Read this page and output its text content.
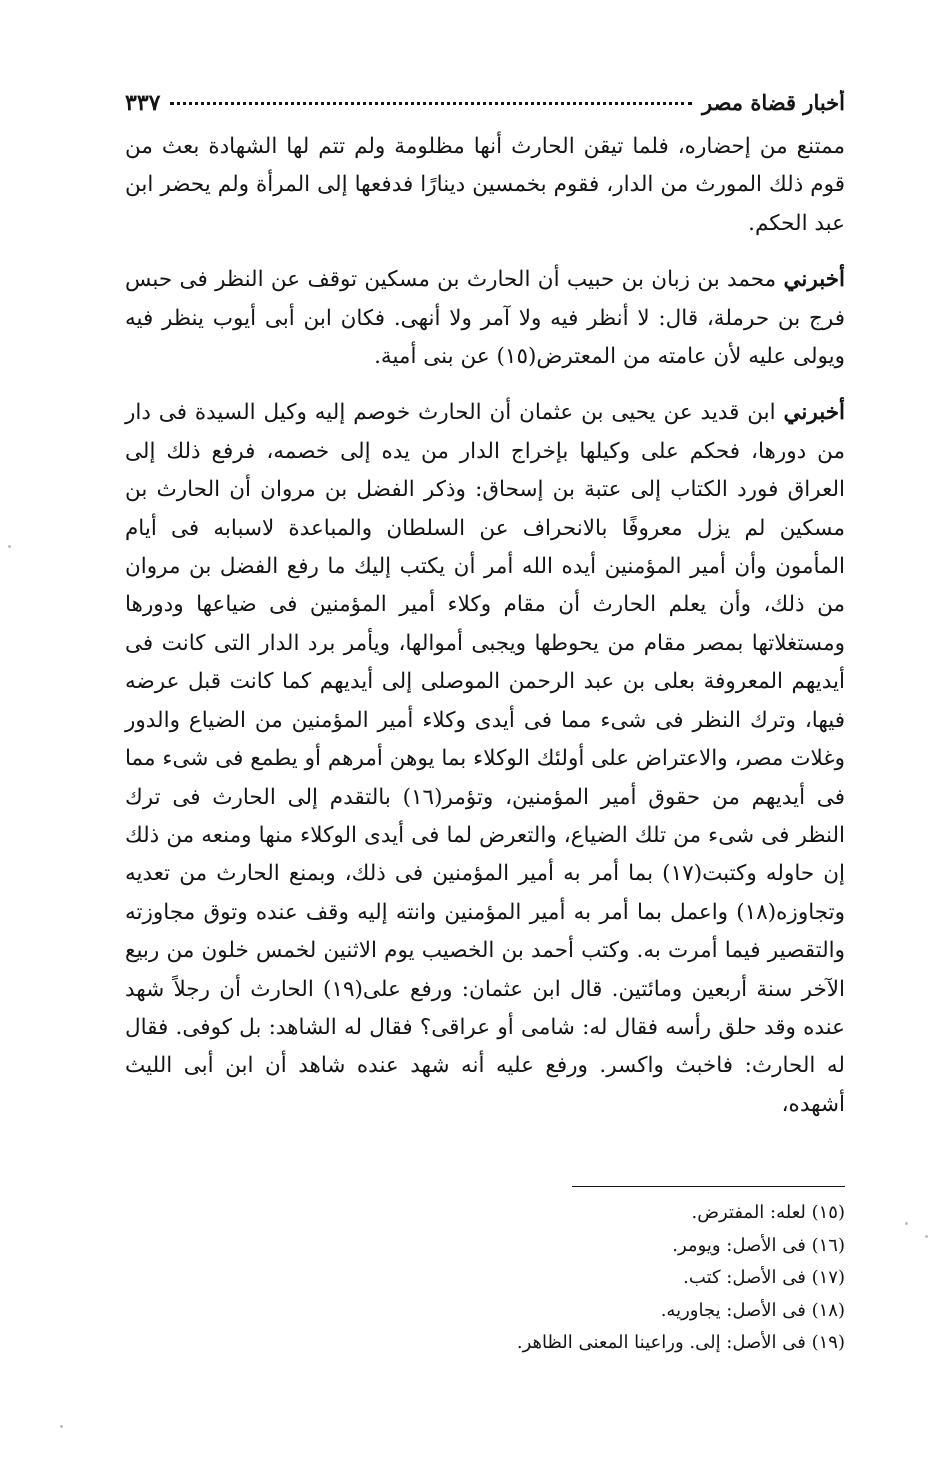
أخبار قضاة مصر
٣٣٧

ممتنع من إحضاره، فلما تيقن الحارث أنها مظلومة ولم تتم لها الشهادة بعث من قوم ذلك المورث من الدار، فقوم بخمسين دينارًا فدفعها إلى المرأة ولم يحضر ابن عبد الحكم.

أخبرني محمد بن زبان بن حبيب أن الحارث بن مسكين توقف عن النظر فى حبس فرج بن حرملة، قال: لا أنظر فيه ولا آمر ولا أنهى. فكان ابن أبى أيوب ينظر فيه ويولى عليه لأن عامته من المعترض(١٥) عن بنى أمية.

أخبرني ابن قديد عن يحيى بن عثمان أن الحارث خوصم إليه وكيل السيدة فى دار من دورها، فحكم على وكيلها بإخراج الدار من يده إلى خصمه، فرفع ذلك إلى العراق فورد الكتاب إلى عتبة بن إسحاق: وذكر الفضل بن مروان أن الحارث بن مسكين لم يزل معروفًا بالانحراف عن السلطان والمباعدة لاسبابه فى أيام المأمون وأن أمير المؤمنين أيده الله أمر أن يكتب إليك ما رفع الفضل بن مروان من ذلك، وأن يعلم الحارث أن مقام وكلاء أمير المؤمنين فى ضياعها ودورها ومستغلاتها بمصر مقام من يحوطها ويجبى أموالها، ويأمر برد الدار التى كانت فى أيديهم المعروفة بعلى بن عبد الرحمن الموصلى إلى أيديهم كما كانت قبل عرضه فيها، وترك النظر فى شىء مما فى أيدى وكلاء أمير المؤمنين من الضياع والدور وغلات مصر، والاعتراض على أولئك الوكلاء بما يوهن أمرهم أو يطمع فى شىء مما فى أيديهم من حقوق أمير المؤمنين، وتؤمر(١٦) بالتقدم إلى الحارث فى ترك النظر فى شىء من تلك الضياع، والتعرض لما فى أيدى الوكلاء منها ومنعه من ذلك إن حاوله وكتبت(١٧) بما أمر به أمير المؤمنين فى ذلك، وبمنع الحارث من تعديه وتجاوزه(١٨) واعمل بما أمر به أمير المؤمنين وانته إليه وقف عنده وتوق مجاوزته والتقصير فيما أمرت به. وكتب أحمد بن الخصيب يوم الاثنين لخمس خلون من ربيع الآخر سنة أربعين ومائتين. قال ابن عثمان: ورفع على(١٩) الحارث أن رجلاً شهد عنده وقد حلق رأسه فقال له: شامى أو عراقى؟ فقال له الشاهد: بل كوفى. فقال له الحارث: فاخبث واكسر. ورفع عليه أنه شهد عنده شاهد أن ابن أبى الليث أشهده،

(١٥) لعله: المفترض.
(١٦) فى الأصل: ويومر.
(١٧) فى الأصل: كتب.
(١٨) فى الأصل: يجاوريه.
(١٩) فى الأصل: إلى. وراعينا المعنى الظاهر.
